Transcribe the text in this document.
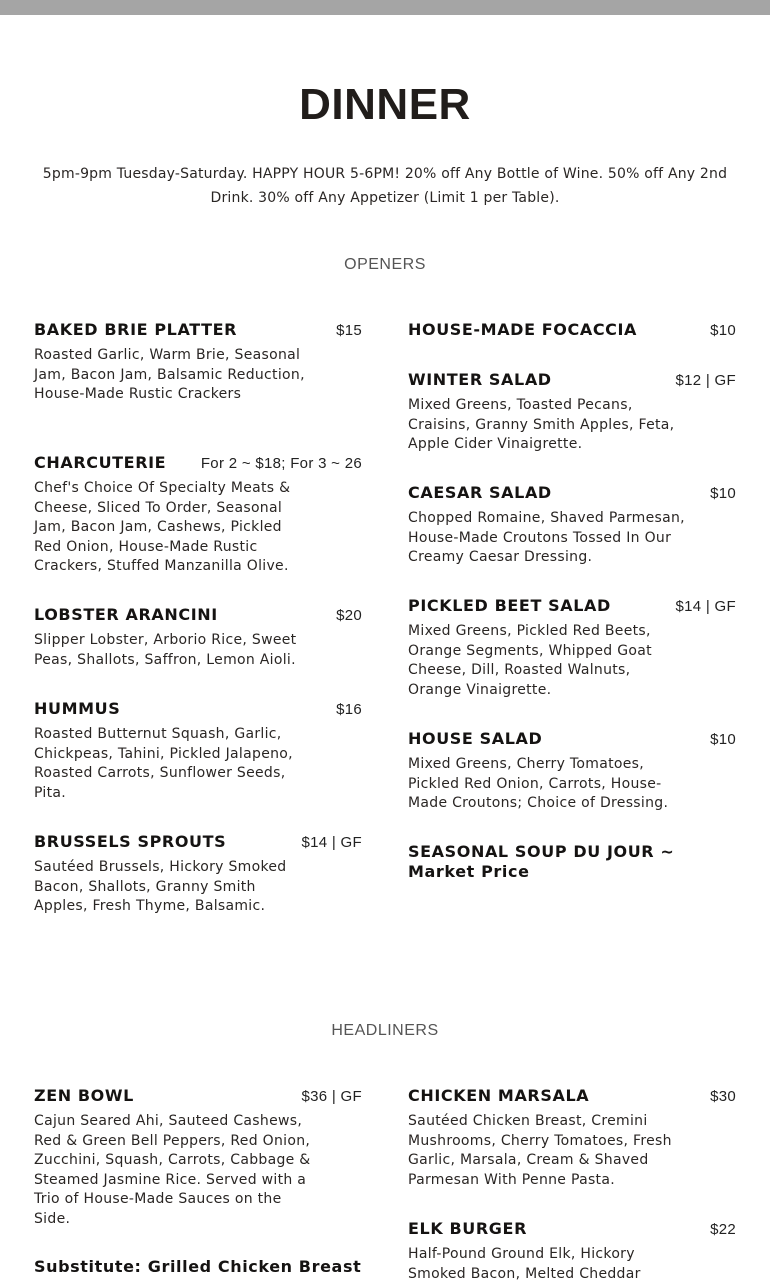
DINNER

5pm-9pm Tuesday-Saturday. HAPPY HOUR 5-6PM! 20% off Any Bottle of Wine. 50% off Any 2nd Drink. 30% off Any Appetizer (Limit 1 per Table).

OPENERS
BAKED BRIE PLATTER	$15
Roasted Garlic, Warm Brie, Seasonal Jam, Bacon Jam, Balsamic Reduction, House-Made Rustic Crackers
CHARCUTERIE For 2 ~ $18; For 3 ~ 26
Chef's Choice Of Specialty Meats & Cheese, Sliced To Order, Seasonal Jam, Bacon Jam, Cashews, Pickled Red Onion, House-Made Rustic Crackers, Stuffed Manzanilla Olive.
LOBSTER ARANCINI	$20
Slipper Lobster, Arborio Rice, Sweet Peas, Shallots, Saffron, Lemon Aioli.
HUMMUS	$16
Roasted Butternut Squash, Garlic, Chickpeas, Tahini, Pickled Jalapeno, Roasted Carrots, Sunflower Seeds, Pita.
BRUSSELS SPROUTS	$14 | GF
Sautéed Brussels, Hickory Smoked Bacon, Shallots, Granny Smith Apples, Fresh Thyme, Balsamic.
HOUSE-MADE FOCACCIA	$10
WINTER SALAD	$12 | GF
Mixed Greens, Toasted Pecans, Craisins, Granny Smith Apples, Feta, Apple Cider Vinaigrette.
CAESAR SALAD	$10
Chopped Romaine, Shaved Parmesan, House-Made Croutons Tossed In Our Creamy Caesar Dressing.
PICKLED BEET SALAD	$14 | GF
Mixed Greens, Pickled Red Beets, Orange Segments, Whipped Goat Cheese, Dill, Roasted Walnuts, Orange Vinaigrette.
HOUSE SALAD	$10
Mixed Greens, Cherry Tomatoes, Pickled Red Onion, Carrots, House-Made Croutons; Choice of Dressing.
SEASONAL SOUP DU JOUR ~ Market Price
HEADLINERS
ZEN BOWL	$36 | GF
Cajun Seared Ahi, Sauteed Cashews, Red & Green Bell Peppers, Red Onion, Zucchini, Squash, Carrots, Cabbage & Steamed Jasmine Rice. Served with a Trio of House-Made Sauces on the Side.
Substitute: Grilled Chicken Breast
CHICKEN MARSALA	$30
Sautéed Chicken Breast, Cremini Mushrooms, Cherry Tomatoes, Fresh Garlic, Marsala, Cream & Shaved Parmesan With Penne Pasta.
ELK BURGER	$22
Half-Pound Ground Elk, Hickory Smoked Bacon, Melted Cheddar
